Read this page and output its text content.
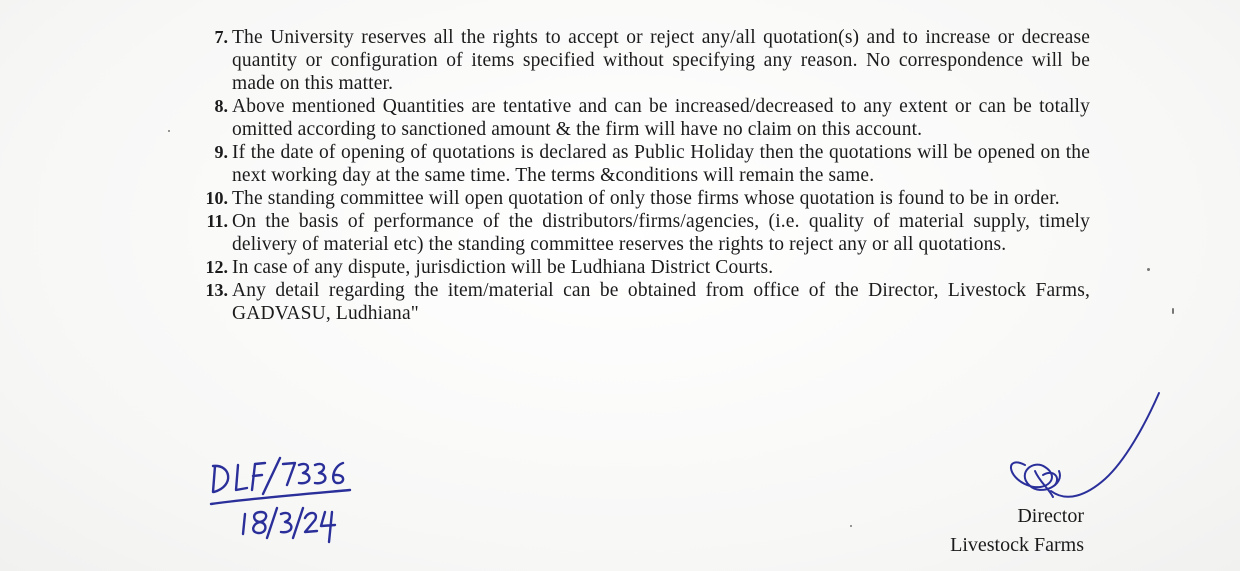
7. The University reserves all the rights to accept or reject any/all quotation(s) and to increase or decrease quantity or configuration of items specified without specifying any reason. No correspondence will be made on this matter.
8. Above mentioned Quantities are tentative and can be increased/decreased to any extent or can be totally omitted according to sanctioned amount & the firm will have no claim on this account.
9. If the date of opening of quotations is declared as Public Holiday then the quotations will be opened on the next working day at the same time. The terms &conditions will remain the same.
10. The standing committee will open quotation of only those firms whose quotation is found to be in order.
11. On the basis of performance of the distributors/firms/agencies, (i.e. quality of material supply, timely delivery of material etc) the standing committee reserves the rights to reject any or all quotations.
12. In case of any dispute, jurisdiction will be Ludhiana District Courts.
13. Any detail regarding the item/material can be obtained from office of the Director, Livestock Farms, GADVASU, Ludhiana"
Director
Livestock Farms
